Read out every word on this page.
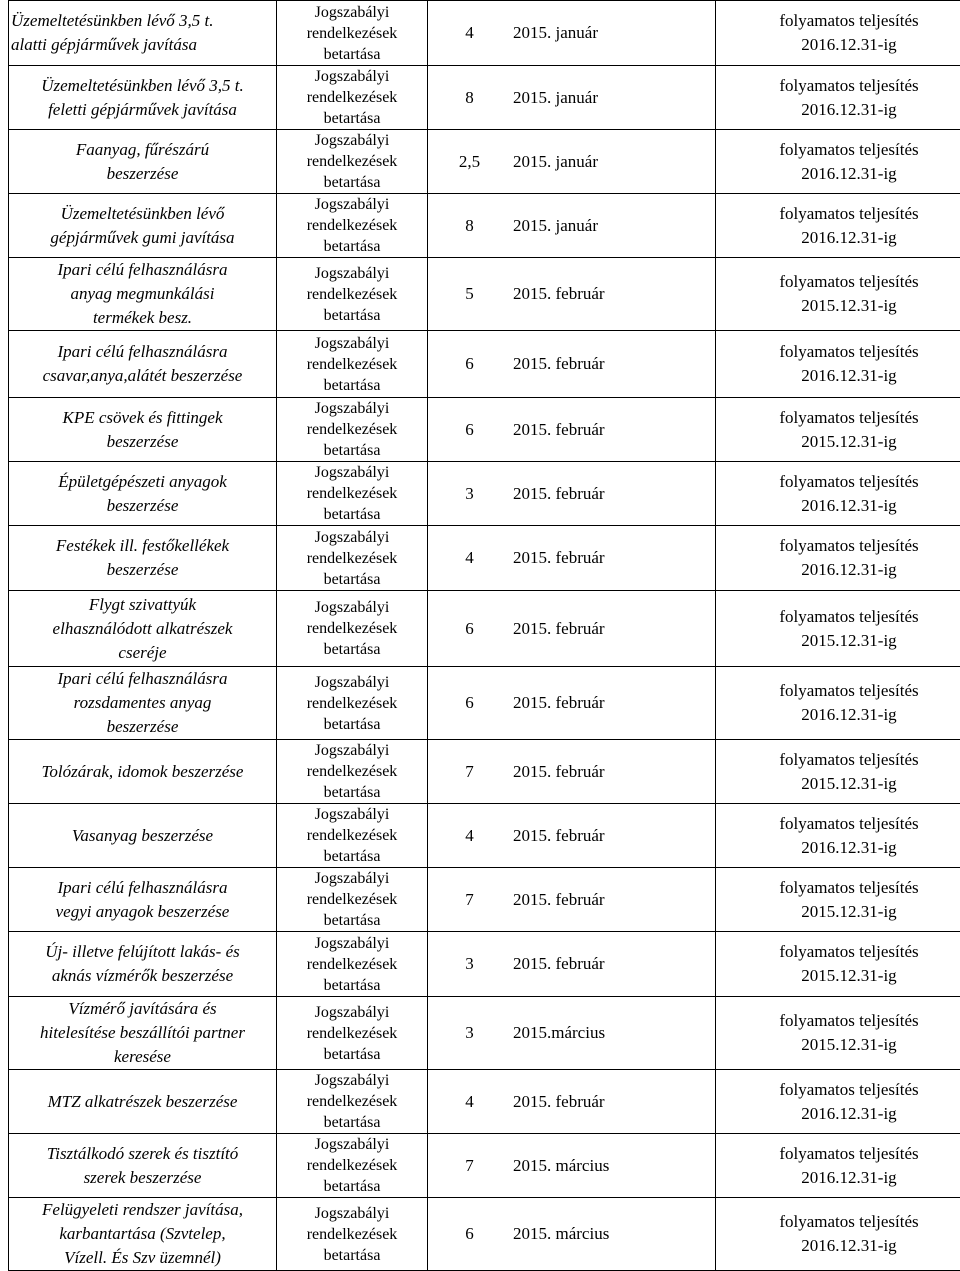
Üzemeltetésünkben lévő 3,5 t.
alatti gépjárművek javítása	Jogszabályi
rendelkezések
betartása	4	2015. január	folyamatos teljesítés
2016.12.31-ig

Üzemeltetésünkben lévő 3,5 t.
feletti gépjárművek javítása	Jogszabályi
rendelkezések
betartása	8	2015. január	folyamatos teljesítés
2016.12.31-ig

Faanyag, fűrészárú
beszerzése	Jogszabályi
rendelkezések
betartása	2,5	2015. január	folyamatos teljesítés
2016.12.31-ig

Üzemeltetésünkben lévő
gépjárművek gumi javítása	Jogszabályi
rendelkezések
betartása	8	2015. január	folyamatos teljesítés
2016.12.31-ig

Ipari célú felhasználásra
anyag megmunkálási
termékek besz.	Jogszabályi
rendelkezések
betartása	5	2015. február	folyamatos teljesítés
2015.12.31-ig

Ipari célú felhasználásra
csavar,anya,alátét beszerzése	Jogszabályi
rendelkezések
betartása	6	2015. február	folyamatos teljesítés
2016.12.31-ig

KPE csövek és fittingek
beszerzése	Jogszabályi
rendelkezések
betartása	6	2015. február	folyamatos teljesítés
2015.12.31-ig

Épületgépészeti anyagok
beszerzése	Jogszabályi
rendelkezések
betartása	3	2015. február	folyamatos teljesítés
2016.12.31-ig

Festékek ill. festőkellékek
beszerzése	Jogszabályi
rendelkezések
betartása	4	2015. február	folyamatos teljesítés
2016.12.31-ig

Flygt szivattyúk
elhasználódott alkatrészek
cseréje	Jogszabályi
rendelkezések
betartása	6	2015. február	folyamatos teljesítés
2015.12.31-ig

Ipari célú felhasználásra
rozsdamentes anyag
beszerzése	Jogszabályi
rendelkezések
betartása	6	2015. február	folyamatos teljesítés
2016.12.31-ig

Tolózárak, idomok beszerzése	Jogszabályi
rendelkezések
betartása	7	2015. február	folyamatos teljesítés
2015.12.31-ig

Vasanyag beszerzése	Jogszabályi
rendelkezések
betartása	4	2015. február	folyamatos teljesítés
2016.12.31-ig

Ipari célú felhasználásra
vegyi anyagok beszerzése	Jogszabályi
rendelkezések
betartása	7	2015. február	folyamatos teljesítés
2015.12.31-ig

Új- illetve felújított lakás- és
aknás vízmérők beszerzése	Jogszabályi
rendelkezések
betartása	3	2015. február	folyamatos teljesítés
2015.12.31-ig

Vízmérő javítására és
hitelesítése beszállítói partner
keresése	Jogszabályi
rendelkezések
betartása	3	2015.március	folyamatos teljesítés
2015.12.31-ig

MTZ alkatrészek beszerzése	Jogszabályi
rendelkezések
betartása	4	2015. február	folyamatos teljesítés
2016.12.31-ig

Tisztálkodó szerek és tisztító
szerek beszerzése	Jogszabályi
rendelkezések
betartása	7	2015. március	folyamatos teljesítés
2016.12.31-ig

Felügyeleti rendszer javítása,
karbantartása (Szvtelep,
Vízell. És Szv üzemnél)	Jogszabályi
rendelkezések
betartása	6	2015. március	folyamatos teljesítés
2016.12.31-ig
